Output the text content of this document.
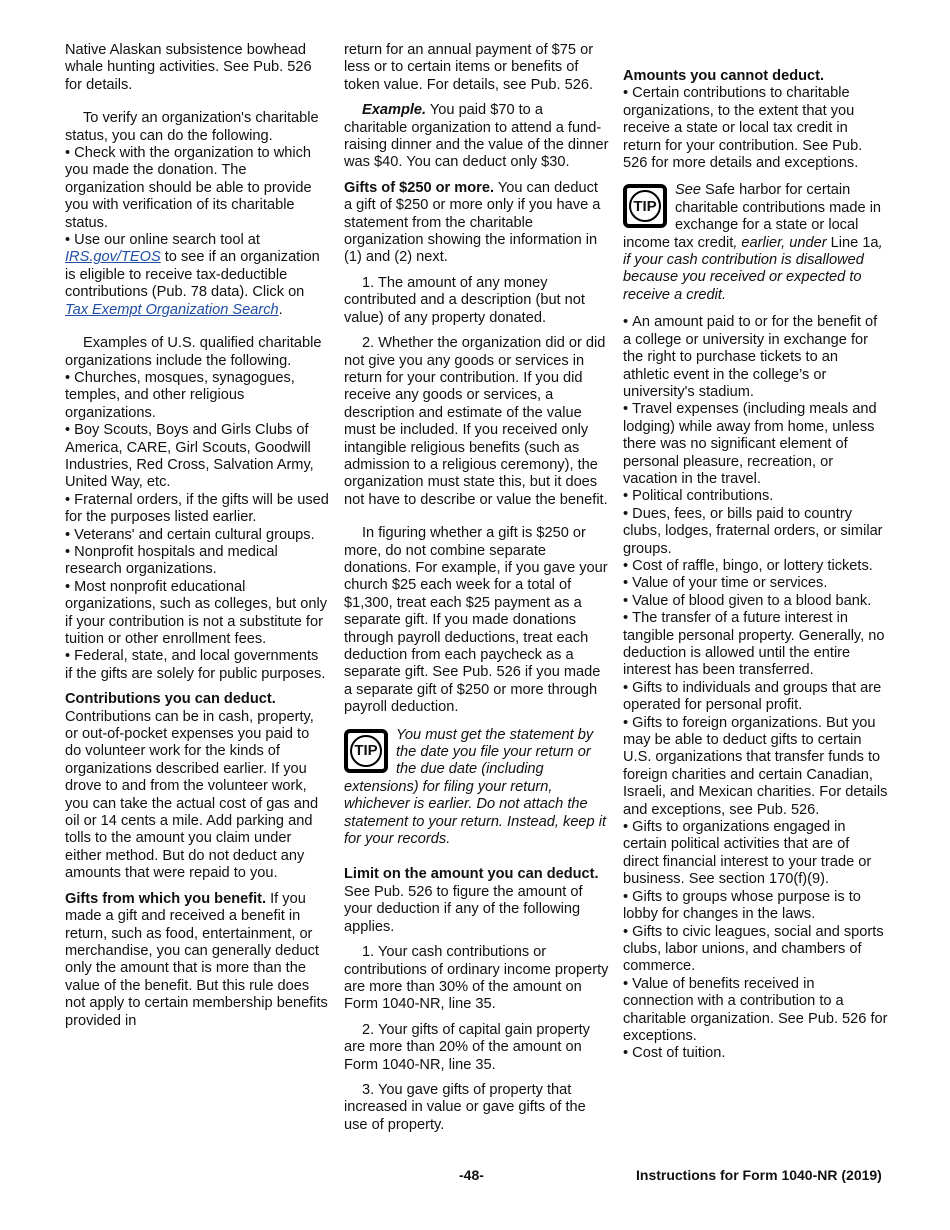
Native Alaskan subsistence bowhead whale hunting activities. See Pub. 526 for details.

To verify an organization's charitable status, you can do the following.

• Check with the organization to which you made the donation. The organization should be able to provide you with verification of its charitable status.

• Use our online search tool at IRS.gov/TEOS to see if an organization is eligible to receive tax-deductible contributions (Pub. 78 data). Click on Tax Exempt Organization Search.

Examples of U.S. qualified charitable organizations include the following.

• Churches, mosques, synagogues, temples, and other religious organizations.

• Boy Scouts, Boys and Girls Clubs of America, CARE, Girl Scouts, Goodwill Industries, Red Cross, Salvation Army, United Way, etc.

• Fraternal orders, if the gifts will be used for the purposes listed earlier.

• Veterans' and certain cultural groups.

• Nonprofit hospitals and medical research organizations.

• Most nonprofit educational organizations, such as colleges, but only if your contribution is not a substitute for tuition or other enrollment fees.

• Federal, state, and local governments if the gifts are solely for public purposes.

Contributions you can deduct.
Contributions can be in cash, property, or out-of-pocket expenses you paid to do volunteer work for the kinds of organizations described earlier. If you drove to and from the volunteer work, you can take the actual cost of gas and oil or 14 cents a mile. Add parking and tolls to the amount you claim under either method. But do not deduct any amounts that were repaid to you.

Gifts from which you benefit. If you made a gift and received a benefit in return, such as food, entertainment, or merchandise, you can generally deduct only the amount that is more than the value of the benefit. But this rule does not apply to certain membership benefits provided in

return for an annual payment of $75 or less or to certain items or benefits of token value. For details, see Pub. 526.

Example. You paid $70 to a charitable organization to attend a fund-raising dinner and the value of the dinner was $40. You can deduct only $30.

Gifts of $250 or more. You can deduct a gift of $250 or more only if you have a statement from the charitable organization showing the information in (1) and (2) next.

1. The amount of any money contributed and a description (but not value) of any property donated.

2. Whether the organization did or did not give you any goods or services in return for your contribution. If you did receive any goods or services, a description and estimate of the value must be included. If you received only intangible religious benefits (such as admission to a religious ceremony), the organization must state this, but it does not have to describe or value the benefit.

In figuring whether a gift is $250 or more, do not combine separate donations. For example, if you gave your church $25 each week for a total of $1,300, treat each $25 payment as a separate gift. If you made donations through payroll deductions, treat each deduction from each paycheck as a separate gift. See Pub. 526 if you made a separate gift of $250 or more through payroll deduction.

TIP
You must get the statement by the date you file your return or the due date (including extensions) for filing your return, whichever is earlier. Do not attach the statement to your return. Instead, keep it for your records.

Limit on the amount you can deduct. See Pub. 526 to figure the amount of your deduction if any of the following applies.

1. Your cash contributions or contributions of ordinary income property are more than 30% of the amount on Form 1040-NR, line 35.

2. Your gifts of capital gain property are more than 20% of the amount on Form 1040-NR, line 35.

3. You gave gifts of property that increased in value or gave gifts of the use of property.

Amounts you cannot deduct.

• Certain contributions to charitable organizations, to the extent that you receive a state or local tax credit in return for your contribution. See Pub. 526 for more details and exceptions.

TIP
See Safe harbor for certain charitable contributions made in exchange for a state or local income tax credit, earlier, under Line 1a, if your cash contribution is disallowed because you received or expected to receive a credit.

• An amount paid to or for the benefit of a college or university in exchange for the right to purchase tickets to an athletic event in the college’s or university's stadium.

• Travel expenses (including meals and lodging) while away from home, unless there was no significant element of personal pleasure, recreation, or vacation in the travel.

• Political contributions.

• Dues, fees, or bills paid to country clubs, lodges, fraternal orders, or similar groups.

• Cost of raffle, bingo, or lottery tickets.

• Value of your time or services.

• Value of blood given to a blood bank.

• The transfer of a future interest in tangible personal property. Generally, no deduction is allowed until the entire interest has been transferred.

• Gifts to individuals and groups that are operated for personal profit.

• Gifts to foreign organizations. But you may be able to deduct gifts to certain U.S. organizations that transfer funds to foreign charities and certain Canadian, Israeli, and Mexican charities. For details and exceptions, see Pub. 526.

• Gifts to organizations engaged in certain political activities that are of direct financial interest to your trade or business. See section 170(f)(9).

• Gifts to groups whose purpose is to lobby for changes in the laws.

• Gifts to civic leagues, social and sports clubs, labor unions, and chambers of commerce.

• Value of benefits received in connection with a contribution to a charitable organization. See Pub. 526 for exceptions.

• Cost of tuition.

-48-	Instructions for Form 1040-NR (2019)
